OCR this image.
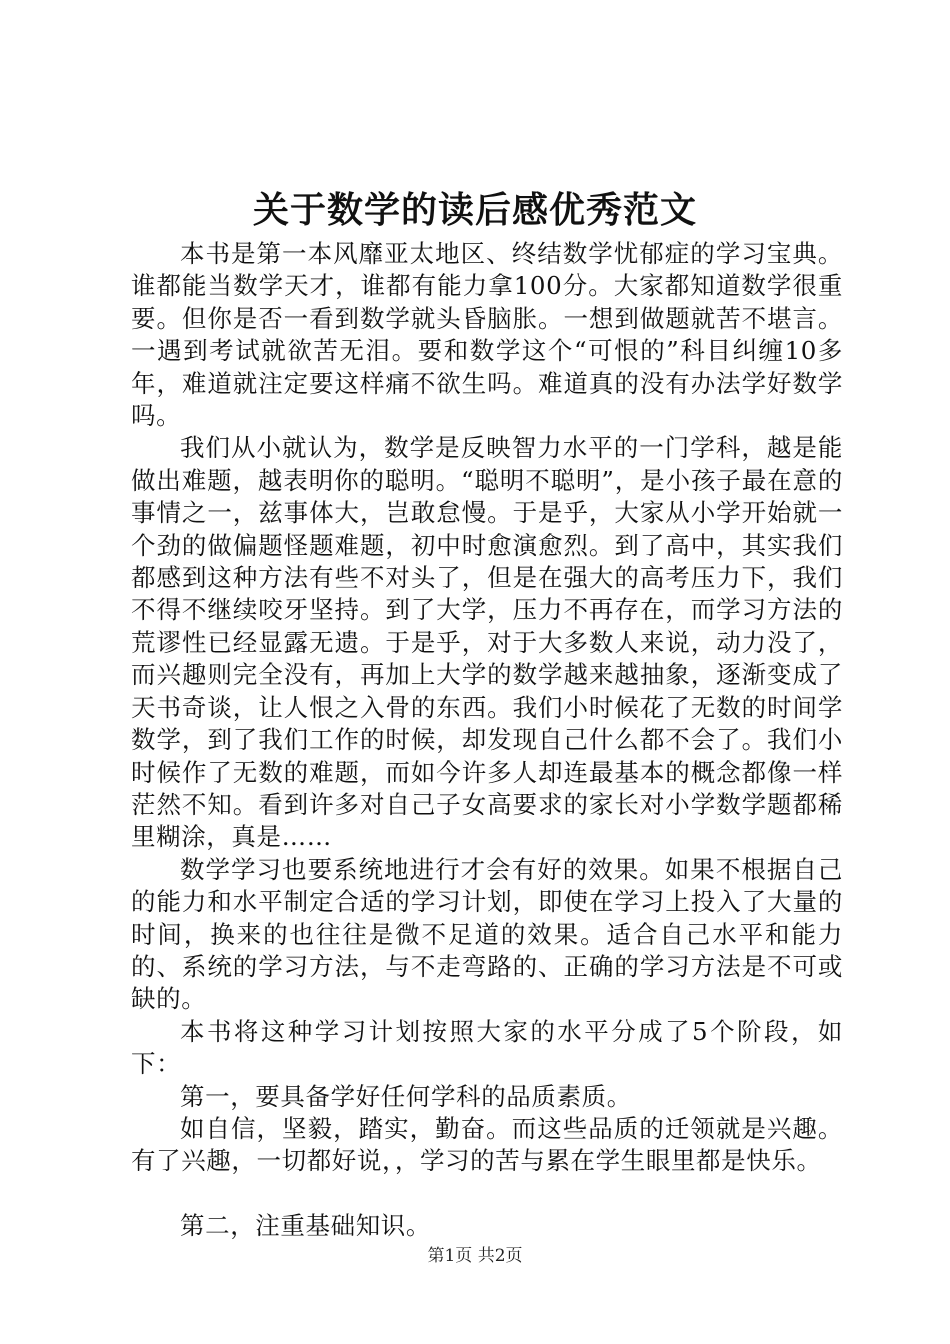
关于数学的读后感优秀范文

本书是第一本风靡亚太地区、终结数学忧郁症的学习宝典。谁都能当数学天才，谁都有能力拿100分。大家都知道数学很重要。但你是否一看到数学就头昏脑胀。一想到做题就苦不堪言。一遇到考试就欲苦无泪。要和数学这个“可恨的”科目纠缠10多年，难道就注定要这样痛不欲生吗。难道真的没有办法学好数学吗。

我们从小就认为，数学是反映智力水平的一门学科，越是能做出难题，越表明你的聪明。“聪明不聪明”，是小孩子最在意的事情之一，兹事体大，岂敢怠慢。于是乎，大家从小学开始就一个劲的做偏题怪题难题，初中时愈演愈烈。到了高中，其实我们都感到这种方法有些不对头了，但是在强大的高考压力下，我们不得不继续咬牙坚持。到了大学，压力不再存在，而学习方法的荒谬性已经显露无遗。于是乎，对于大多数人来说，动力没了，而兴趣则完全没有，再加上大学的数学越来越抽象，逐渐变成了天书奇谈，让人恨之入骨的东西。我们小时候花了无数的时间学数学，到了我们工作的时候，却发现自己什么都不会了。我们小时候作了无数的难题，而如今许多人却连最基本的概念都像一样茫然不知。看到许多对自己子女高要求的家长对小学数学题都稀里糊涂，真是……

数学学习也要系统地进行才会有好的效果。如果不根据自己的能力和水平制定合适的学习计划，即使在学习上投入了大量的时间，换来的也往往是微不足道的效果。适合自己水平和能力的、系统的学习方法，与不走弯路的、正确的学习方法是不可或缺的。

本书将这种学习计划按照大家的水平分成了5个阶段，如下：

第一，要具备学好任何学科的品质素质。

如自信，坚毅，踏实，勤奋。而这些品质的迁领就是兴趣。有了兴趣，一切都好说，，学习的苦与累在学生眼里都是快乐。

第二，注重基础知识。

第1页 共2页
